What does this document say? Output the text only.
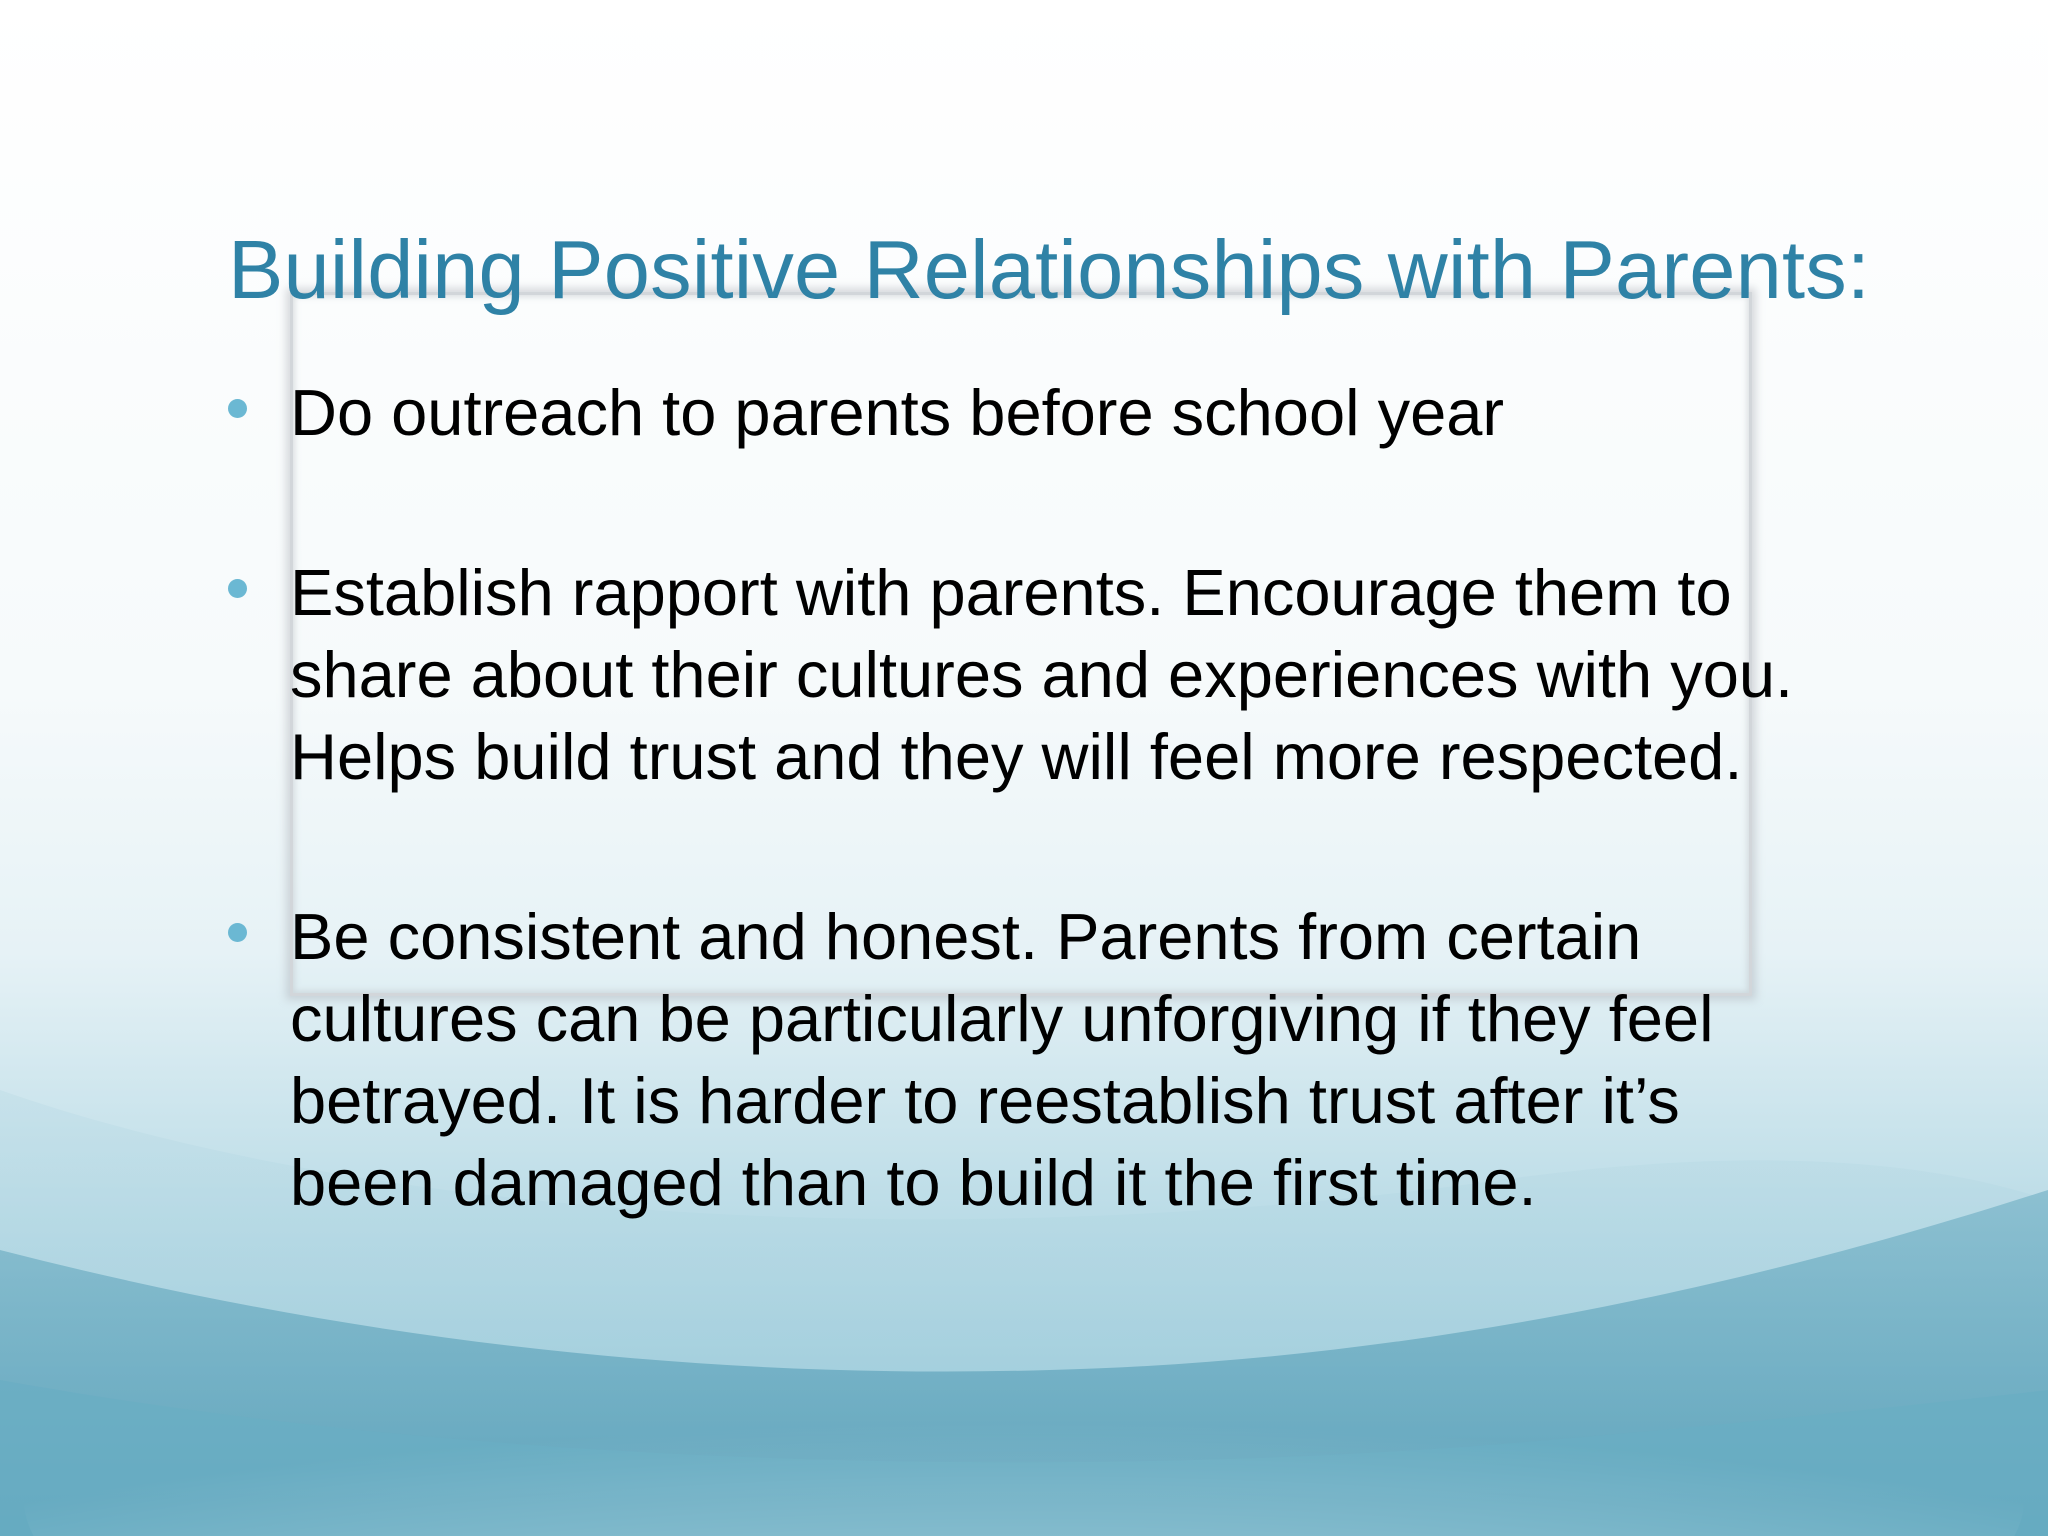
Building Positive Relationships with Parents:
Do outreach to parents before school year
Establish rapport with parents. Encourage them to share about their cultures and experiences with you. Helps build trust and they will feel more respected.
Be consistent and honest. Parents from certain cultures can be particularly unforgiving if they feel betrayed. It is harder to reestablish trust after it’s been damaged than to build it the first time.
